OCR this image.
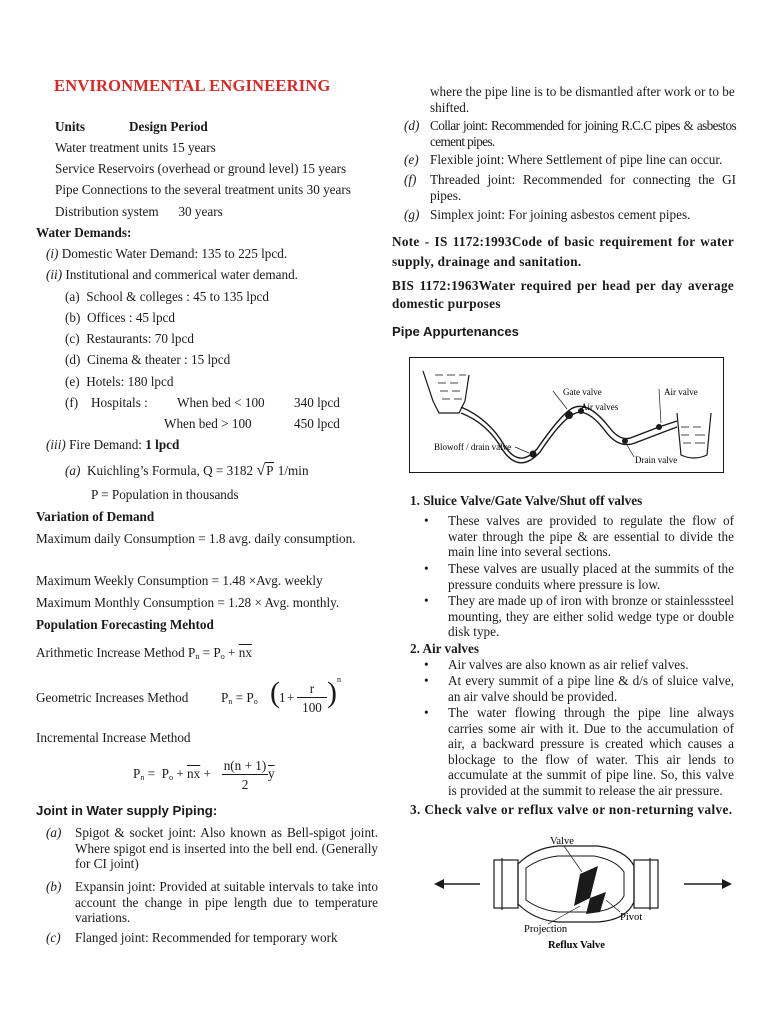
ENVIRONMENTAL ENGINEERING
Units	Design Period
Water treatment units 15 years
Service Reservoirs (overhead or ground level) 15 years
Pipe Connections to the several treatment units 30 years
Distribution system      30 years
Water Demands:
(i) Domestic Water Demand: 135 to 225 lpcd.
(ii) Institutional and commerical water demand.
(a) School & colleges : 45 to 135 lpcd
(b) Offices : 45 lpcd
(c) Restaurants: 70 lpcd
(d) Cinema & theater : 15 lpcd
(e) Hotels: 180 lpcd
(f) Hospitals : When bed < 100 340 lpcd
When bed > 100	450 lpcd
(iii) Fire Demand: 1 lpcd
(a) Kuichling’s Formula, Q = 3182 √P 1/min
P = Population in thousands
Variation of Demand
Maximum daily Consumption = 1.8 avg. daily consumption.
Maximum Weekly Consumption = 1.48 ×Avg. weekly
Maximum Monthly Consumption = 1.28 × Avg. monthly.
Population Forecasting Mehtod
Arithmetic Increase Method $P_n = P_o + \overline{nx}$
Geometric Increases Method $P_n = P_o$ ( 1 +
r
100 ) n
Incremental Increase Method
$P_n = P_o + \overline{nx}$ +
n(n + 1)
2
$\overline{y}$
Joint in Water supply Piping:
(a) Spigot & socket joint: Also known as Bell-spigot joint. Where spigot end is inserted into the bell end. (Generally for CI joint)
(b) Expansin joint: Provided at suitable intervals to take into account the change in pipe length due to temperature variations.
(c) Flanged joint: Recommended for temporary work
where the pipe line is to be dismantled after work or to be shifted.
(d) Collar joint: Recommended for joining R.C.C pipes & asbestos cement pipes.
(e) Flexible joint: Where Settlement of pipe line can occur.
(f) Threaded joint: Recommended for connecting the GI pipes.
(g) Simplex joint: For joining asbestos cement pipes.
Note - IS 1172:1993Code of basic requirement for water supply, drainage and sanitation.
BIS 1172:1963Water required per head per day average domestic purposes
Pipe Appurtenances
Gate valve
Air valves
Air valve
Blowoff / drain valve
Drain valve
1. Sluice Valve/Gate Valve/Shut off valves
• These valves are provided to regulate the flow of water through the pipe & are essential to divide the main line into several sections.
• These valves are usually placed at the summits of the pressure conduits where pressure is low.
• They are made up of iron with bronze or stainlesssteel mounting, they are either solid wedge type or double disk type.
2. Air valves
• Air valves are also known as air relief valves.
• At every summit of a pipe line & d/s of sluice valve, an air valve should be provided.
• The water flowing through the pipe line always carries some air with it. Due to the accumulation of air, a backward pressure is created which causes a blockage to the flow of water. This air lends to accumulate at the summit of pipe line. So, this valve is provided at the summit to release the air pressure.
3. Check valve or reflux valve or non-returning valve.
Valve
Pivot
Projection
Reflux Valve
